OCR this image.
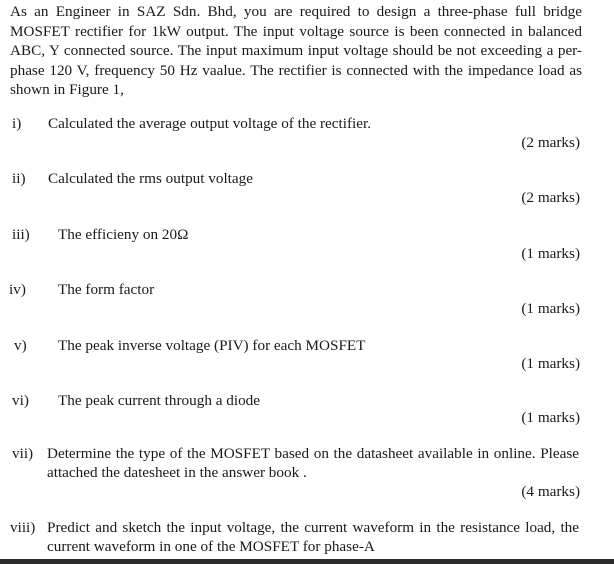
As an Engineer in SAZ Sdn. Bhd, you are required to design a three-phase full bridge MOSFET rectifier for 1kW output. The input voltage source is been connected in balanced ABC, Y connected source. The input maximum input voltage should be not exceeding a per-phase 120 V, frequency 50 Hz vaalue. The rectifier is connected with the impedance load as shown in Figure 1,

i) Calculated the average output voltage of the rectifier.
(2 marks)
ii) Calculated the rms output voltage
(2 marks)
iii) The efficieny on 20Ω
(1 marks)
iv) The form factor
(1 marks)
v) The peak inverse voltage (PIV) for each MOSFET
(1 marks)
vi) The peak current through a diode
(1 marks)
vii) Determine the type of the MOSFET based on the datasheet available in online. Please attached the datesheet in the answer book .
(4 marks)
viii) Predict and sketch the input voltage, the current waveform in the resistance load, the current waveform in one of the MOSFET for phase-A
